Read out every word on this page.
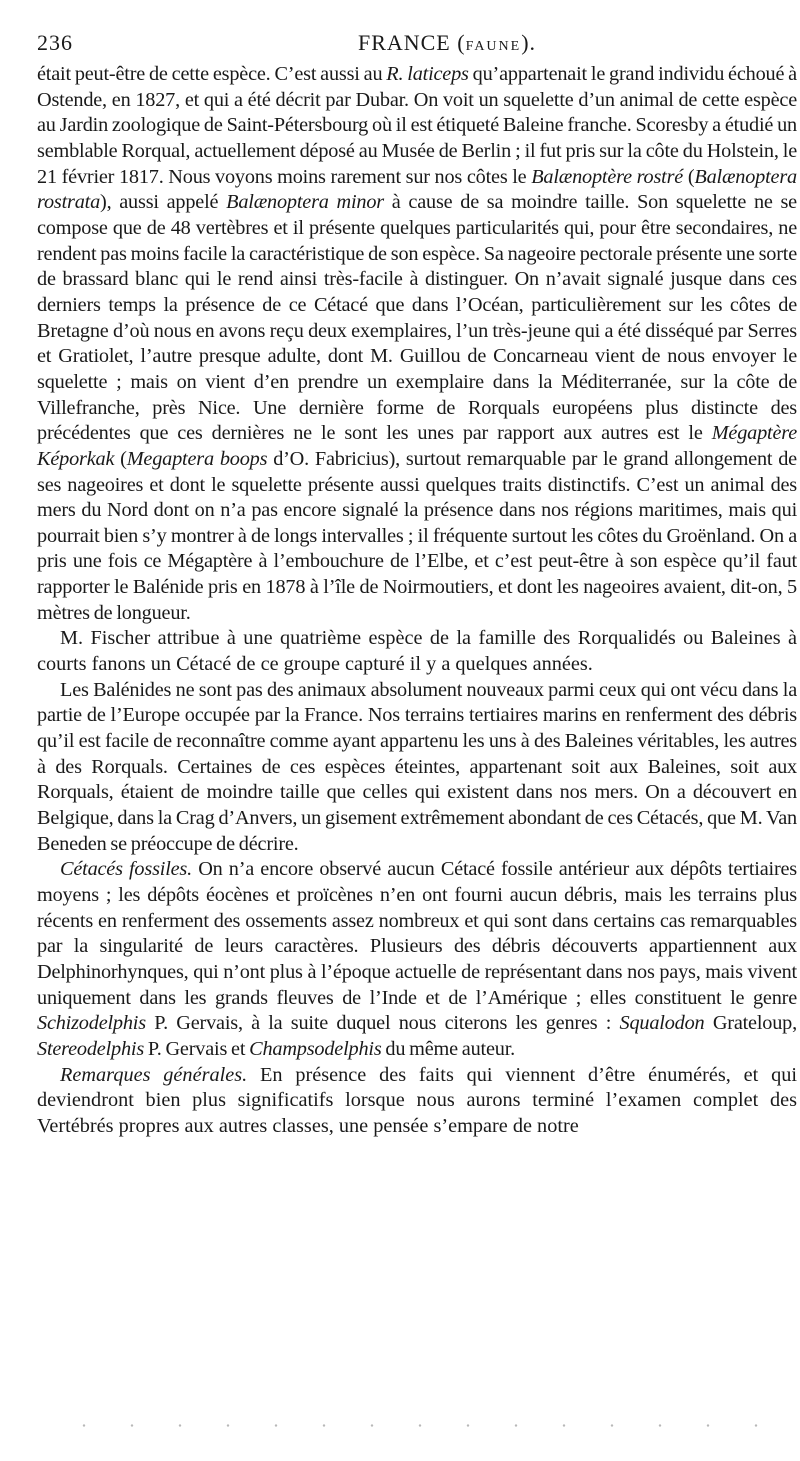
236	FRANCE (FAUNE).

était peut-être de cette espèce. C’est aussi au R. laticeps qu’appartenait le grand individu échoué à Ostende, en 1827, et qui a été décrit par Dubar. On voit un squelette d’un animal de cette espèce au Jardin zoologique de Saint-Pétersbourg où il est étiqueté Baleine franche. Scoresby a étudié un semblable Rorqual, actuellement déposé au Musée de Berlin ; il fut pris sur la côte du Holstein, le 21 février 1817. Nous voyons moins rarement sur nos côtes le Balænoptère rostré (Balænoptera rostrata), aussi appelé Balænoptera minor à cause de sa moindre taille. Son squelette ne se compose que de 48 vertèbres et il présente quelques particularités qui, pour être secondaires, ne rendent pas moins facile la caractéristique de son espèce. Sa nageoire pectorale présente une sorte de brassard blanc qui le rend ainsi très-facile à distinguer. On n’avait signalé jusque dans ces derniers temps la présence de ce Cétacé que dans l’Océan, particulièrement sur les côtes de Bretagne d’où nous en avons reçu deux exemplaires, l’un très-jeune qui a été disséqué par Serres et Gratiolet, l’autre presque adulte, dont M. Guillou de Concarneau vient de nous envoyer le squelette ; mais on vient d’en prendre un exemplaire dans la Méditerranée, sur la côte de Villefranche, près Nice. Une dernière forme de Rorquals européens plus distincte des précédentes que ces dernières ne le sont les unes par rapport aux autres est le Mégaptère Képorkak (Megaptera boops d’O. Fabricius), surtout remarquable par le grand allongement de ses nageoires et dont le squelette présente aussi quelques traits distinctifs. C’est un animal des mers du Nord dont on n’a pas encore signalé la présence dans nos régions maritimes, mais qui pourrait bien s’y montrer à de longs intervalles ; il fréquente surtout les côtes du Groënland. On a pris une fois ce Mégaptère à l’embouchure de l’Elbe, et c’est peut-être à son espèce qu’il faut rapporter le Balénide pris en 1878 à l’île de Noirmoutiers, et dont les nageoires avaient, dit-on, 5 mètres de longueur.

M. Fischer attribue à une quatrième espèce de la famille des Rorqualidés ou Baleines à courts fanons un Cétacé de ce groupe capturé il y a quelques années.

Les Balénides ne sont pas des animaux absolument nouveaux parmi ceux qui ont vécu dans la partie de l’Europe occupée par la France. Nos terrains tertiaires marins en renferment des débris qu’il est facile de reconnaître comme ayant appartenu les uns à des Baleines véritables, les autres à des Rorquals. Certaines de ces espèces éteintes, appartenant soit aux Baleines, soit aux Rorquals, étaient de moindre taille que celles qui existent dans nos mers. On a découvert en Belgique, dans la Crag d’Anvers, un gisement extrêmement abondant de ces Cétacés, que M. Van Beneden se préoccupe de décrire.

Cétacés fossiles. On n’a encore observé aucun Cétacé fossile antérieur aux dépôts tertiaires moyens ; les dépôts éocènes et proïcènes n’en ont fourni aucun débris, mais les terrains plus récents en renferment des ossements assez nombreux et qui sont dans certains cas remarquables par la singularité de leurs caractères. Plusieurs des débris découverts appartiennent aux Delphinorhynques, qui n’ont plus à l’époque actuelle de représentant dans nos pays, mais vivent uniquement dans les grands fleuves de l’Inde et de l’Amérique ; elles constituent le genre Schizodelphis P. Gervais, à la suite duquel nous citerons les genres : Squalodon Grateloup, Stereodelphis P. Gervais et Champsodelphis du même auteur.

Remarques générales. En présence des faits qui viennent d’être énumérés, et qui deviendront bien plus significatifs lorsque nous aurons terminé l’examen complet des Vertébrés propres aux autres classes, une pensée s’empare de notre
